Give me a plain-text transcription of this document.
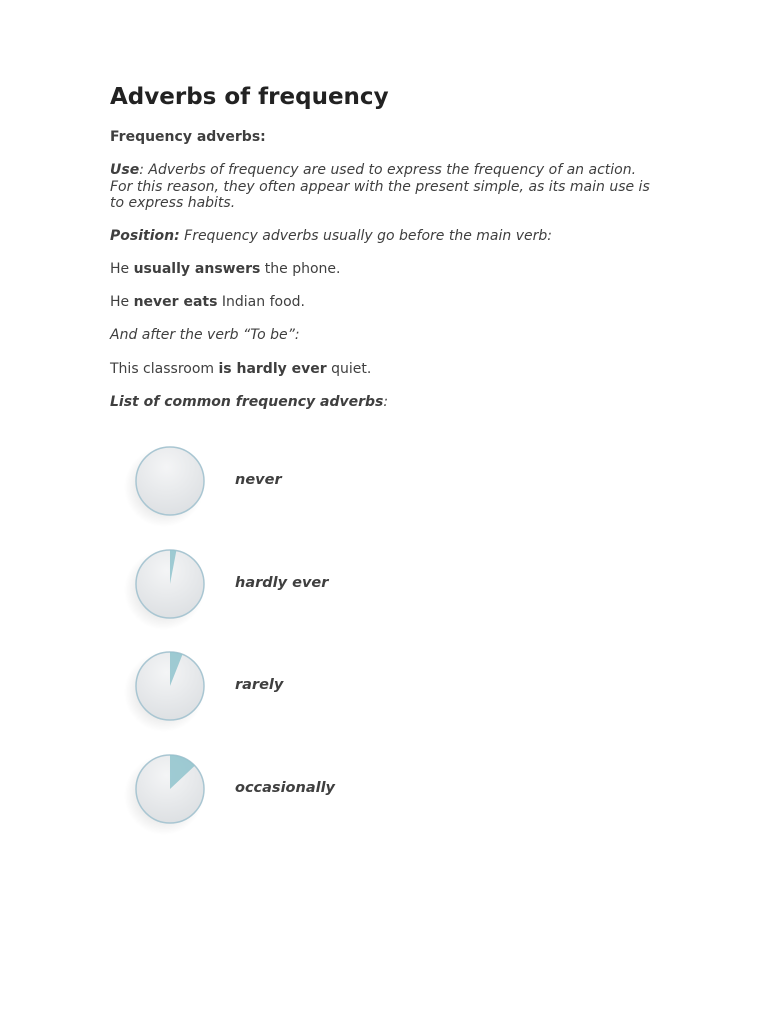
Adverbs of frequency

Frequency adverbs:

Use: Adverbs of frequency are used to express the frequency of an action. For this reason, they often appear with the present simple, as its main use is to express habits.

Position: Frequency adverbs usually go before the main verb:

He usually answers the phone.

He never eats Indian food.

And after the verb “To be”:

This classroom is hardly ever quiet.

List of common frequency adverbs:

never
hardly ever
rarely
occasionally
